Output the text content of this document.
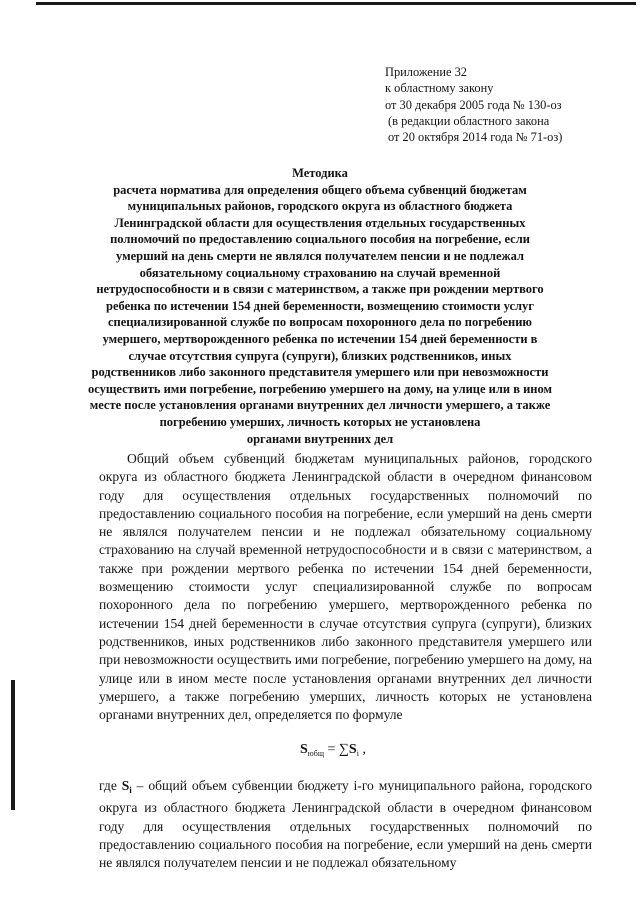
Приложение 32
к областному закону
от 30 декабря 2005 года № 130-оз
(в редакции областного закона
от 20 октября 2014 года № 71-оз)
Методика
расчета норматива для определения общего объема субвенций бюджетам
муниципальных районов, городского округа из областного бюджета
Ленинградской области для осуществления отдельных государственных
полномочий по предоставлению социального пособия на погребение, если
умерший на день смерти не являлся получателем пенсии и не подлежал
обязательному социальному страхованию на случай временной
нетрудоспособности и в связи с материнством, а также при рождении мертвого
ребенка по истечении 154 дней беременности, возмещению стоимости услуг
специализированной службе по вопросам похоронного дела по погребению
умершего, мертворожденного ребенка по истечении 154 дней беременности в
случае отсутствия супруга (супруги), близких родственников, иных
родственников либо законного представителя умершего или при невозможности
осуществить ими погребение, погребению умершего на дому, на улице или в ином
месте после установления органами внутренних дел личности умершего, а также
погребению умерших, личность которых не установлена
органами внутренних дел

Общий объем субвенций бюджетам муниципальных районов, городского округа из областного бюджета Ленинградской области в очередном финансовом году для осуществления отдельных государственных полномочий по предоставлению социального пособия на погребение, если умерший на день смерти не являлся получателем пенсии и не подлежал обязательному социальному страхованию на случай временной нетрудоспособности и в связи с материнством, а также при рождении мертвого ребенка по истечении 154 дней беременности, возмещению стоимости услуг специализированной службе по вопросам похоронного дела по погребению умершего, мертворожденного ребенка по истечении 154 дней беременности в случае отсутствия супруга (супруги), близких родственников, иных родственников либо законного представителя умершего или при невозможности осуществить ими погребение, погребению умершего на дому, на улице или в ином месте после установления органами внутренних дел личности умершего, а также погребению умерших, личность которых не установлена органами внутренних дел, определяется по формуле

$S_{юбщ} = \sum S_i$ ,

где $S_i$ – общий объем субвенции бюджету i-го муниципального района, городского округа из областного бюджета Ленинградской области в очередном финансовом году для осуществления отдельных государственных полномочий по предоставлению социального пособия на погребение, если умерший на день смерти не являлся получателем пенсии и не подлежал обязательному
